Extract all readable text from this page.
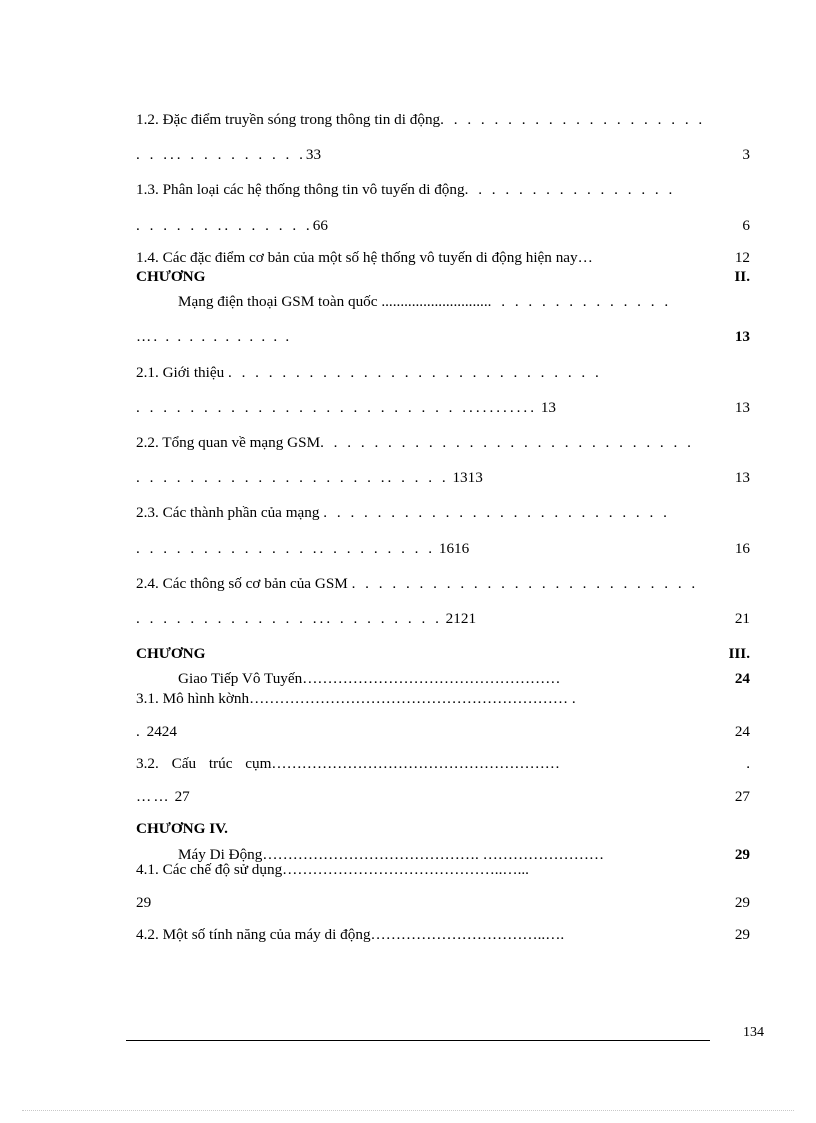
1.2. Đặc điểm truyền sóng trong thông tin di động. . . . . . . . . . . . . . . . . . . .
. . ... . . . . . . . . .33	3
1.3. Phân loại các hệ thống thông tin vô tuyến di động. . . . . . . . . . . . . . . .
. . . . . . .. . . . . . .66	6
1.4. Các đặc điểm cơ bản của một số hệ thống vô tuyến di động hiện nay…	12
CHƯƠNG	II.
Mạng điện thoại GSM toàn quốc ............................. . . . . . . . . . . . . .
…. . . . . . . . . . . .	13
2.1. Giới thiệu . . . . . . . . . . . . . . . . . . . . . . . . . . . .
. . . . . . . . . . . . . . . . . . . . . . . . ........... 13	13
2.2. Tổng quan về mạng GSM. . . . . . . . . . . . . . . . . . . . . . . . . . . .
. . . . . . . . . . . . . . . . . . .. . . . . 1313	13
2.3. Các thành phần của mạng . . . . . . . . . . . . . . . . . . . . . . . . . .
. . . . . . . . . . . . . .. . . . . . . . . 1616	16
2.4. Các thông số cơ bản của GSM . . . . . . . . . . . . . . . . . . . . . . . . . .
. . . . . . . . . . . . . ... . . . . . . . . 2121	21
CHƯƠNG	III.
Giao Tiếp Vô Tuyến……………………………………………	24
3.1. Mô hình kờnh……………………………………………………… .
. 2424	24
3.2. Cấu trúc cụm…………………………………………………	.
…… 27	27
CHƯƠNG IV.
Máy Di Động……………………………………. ……………………	29
4.1. Các chế độ sử dụng……………………………………..…...
29	29
4.2. Một số tính năng của máy di động……………………………..….	29
134
